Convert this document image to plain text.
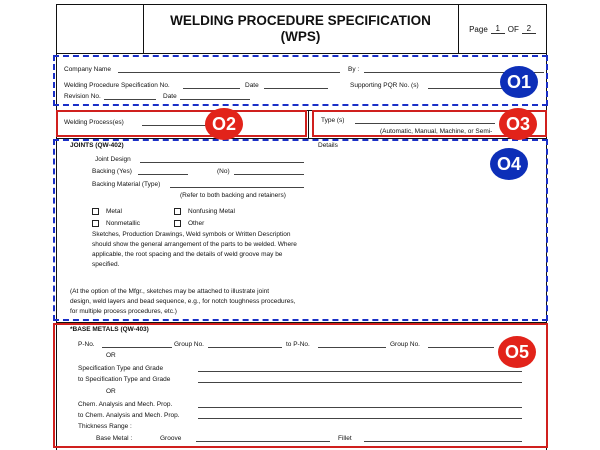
WELDING PROCEDURE SPECIFICATION
(WPS)	Page 1 OF 2
Company Name	By :
Welding Procedure Specification No.	Date	Supporting PQR No. (s)
Revision No.	Date
Welding Process(es)	Type (s)
(Automatic, Manual, Machine, or Semi-
JOINTS (QW-402)	Details
Joint Design
Backing (Yes)	(No)
Backing Material (Type)
(Refer to both backing and retainers)
Metal	Nonfusing Metal
Nonmetallic	Other
Sketches, Production Drawings, Weld symbols or Written Description
should show the general arrangement of the parts to be welded. Where
applicable, the root spacing and the details of weld groove may be
specified.
(At the option of the Mfgr., sketches may be attached to illustrate joint
design, weld layers and bead sequence, e.g., for notch toughness procedures,
for multiple process procedures, etc.)
*BASE METALS (QW-403)
P-No.	Group No.	to P-No.	Group No.
OR
Specification Type and Grade
to Specification Type and Grade
OR
Chem. Analysis and Mech. Prop.
to Chem. Analysis and Mech. Prop.
Thickness Range :
Base Metal :	Groove	Fillet
O1
O2	O3
O4
O5
